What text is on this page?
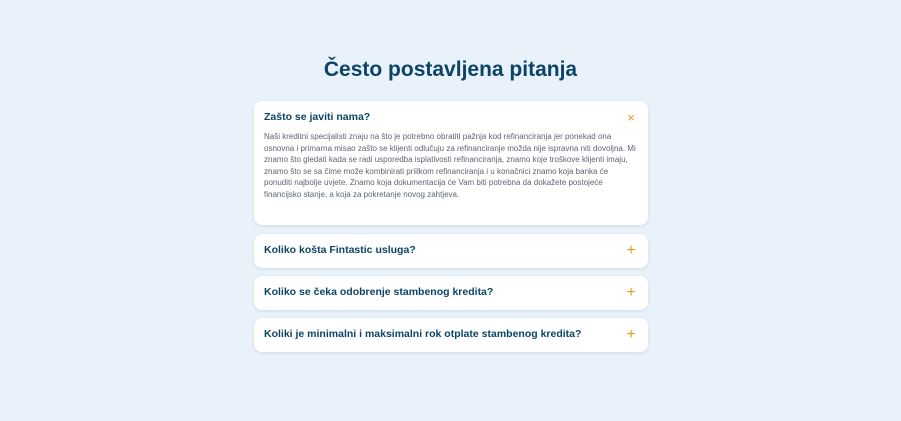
Često postavljena pitanja
Zašto se javiti nama?	×

Naši kreditni specijalisti znaju na što je potrebno obratiti pažnja kod refinanciranja jer ponekad ona osnovna i primarna misao zašto se klijenti odlučuju za refinanciranje možda nije ispravna niti dovoljna. Mi znamo što gledati kada se radi usporedba isplativosti refinanciranja, znamo koje troškove klijenti imaju, znamo što se sa čime može kombinirati priilkom refinanciranja i u konačnici znamo koja banka će ponuditi najbolje uvjete. Znamo koja dokumentacija će Vam biti potrebna da dokažete postojeće financijsko stanje, a koja za pokretanje novog zahtjeva.

Koliko košta Fintastic usluga?	+
Koliko se čeka odobrenje stambenog kredita?	+
Koliki je minimalni i maksimalni rok otplate stambenog kredita?	+
